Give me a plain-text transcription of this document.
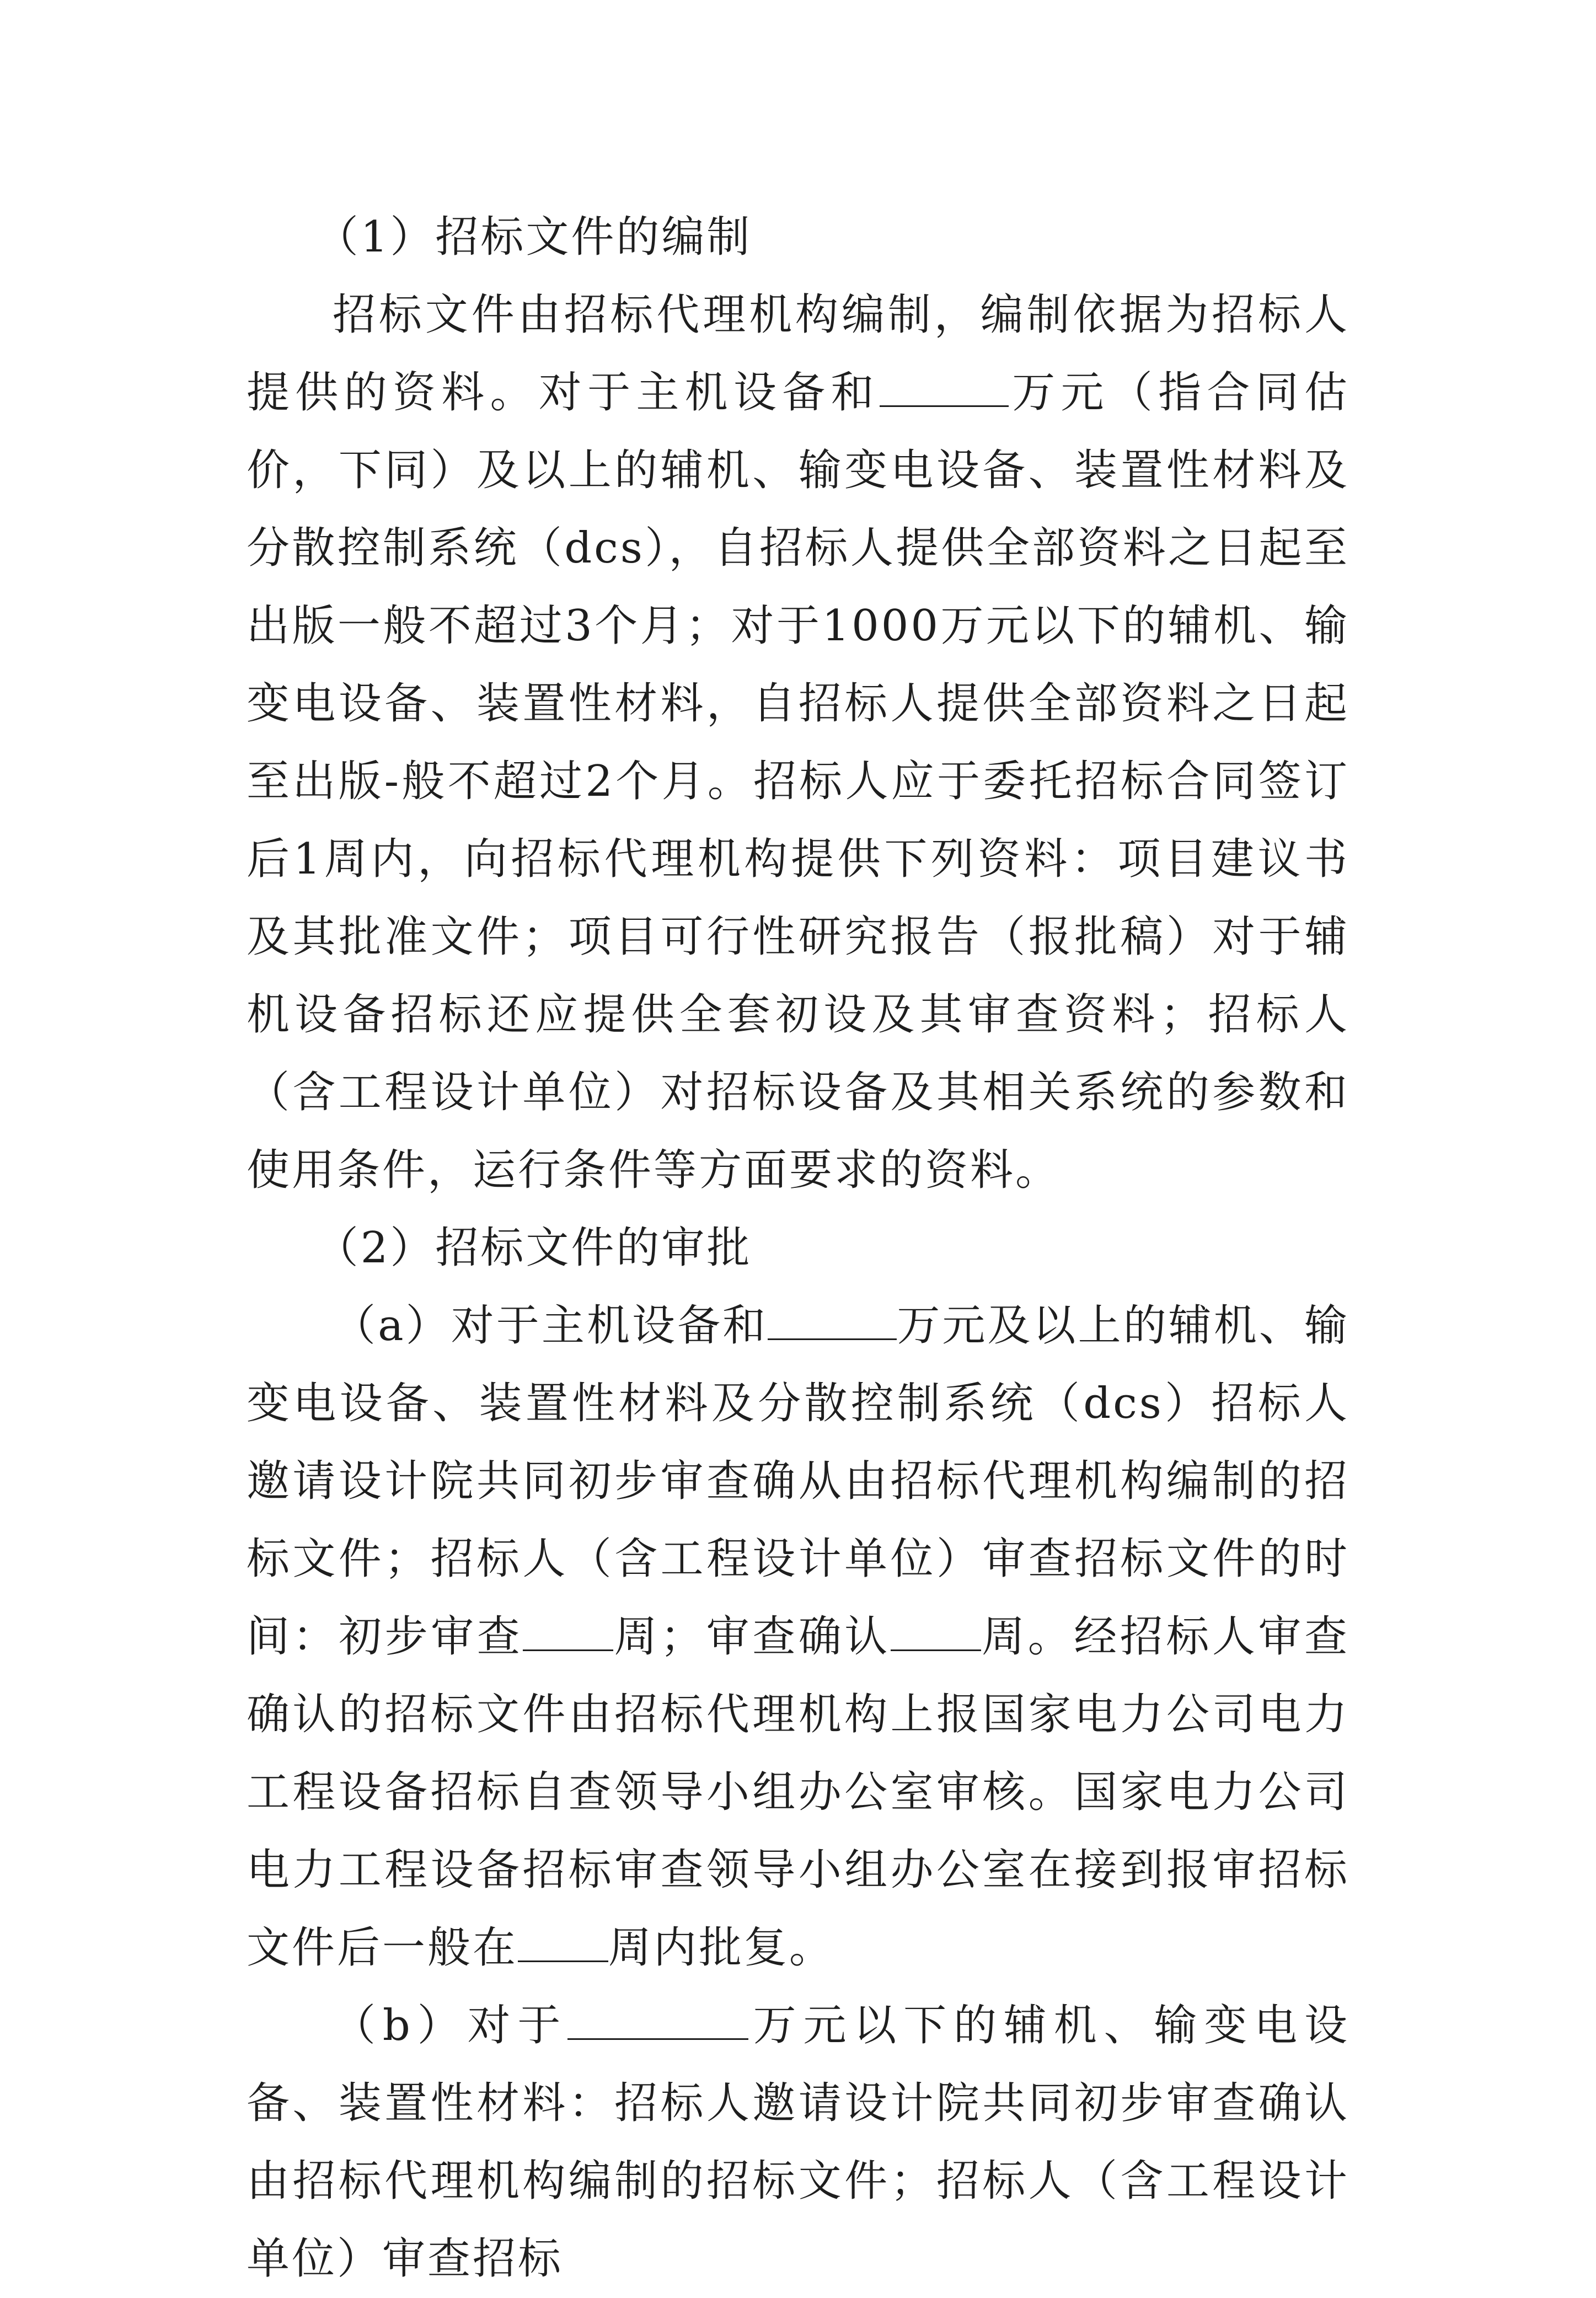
（1）招标文件的编制

招标文件由招标代理机构编制，编制依据为招标人提供的资料。对于主机设备和	万元（指合同估价，下同）及以上的辅机、输变电设备、装置性材料及分散控制系统（dcs），自招标人提供全部资料之日起至出版一般不超过3个月；对于1000万元以下的辅机、输变电设备、装置性材料，自招标人提供全部资料之日起至出版-般不超过2个月。招标人应于委托招标合同签订后1周内，向招标代理机构提供下列资料：项目建议书及其批准文件；项目可行性研究报告（报批稿）对于辅机设备招标还应提供全套初设及其审查资料；招标人（含工程设计单位）对招标设备及其相关系统的参数和使用条件，运行条件等方面要求的资料。

（2）招标文件的审批

（a）对于主机设备和	万元及以上的辅机、输变电设备、装置性材料及分散控制系统（dcs）招标人邀请设计院共同初步审查确从由招标代理机构编制的招标文件；招标人（含工程设计单位）审查招标文件的时间：初步审查 周；审查确认 周。经招标人审查确认的招标文件由招标代理机构上报国家电力公司电力工程设备招标自查领导小组办公室审核。国家电力公司电力工程设备招标审查领导小组办公室在接到报审招标文件后一般在 周内批复。

（b）对于	万元以下的辅机、输变电设备、装置性材料：招标人邀请设计院共同初步审查确认由招标代理机构编制的招标文件；招标人（含工程设计单位）审查招标
